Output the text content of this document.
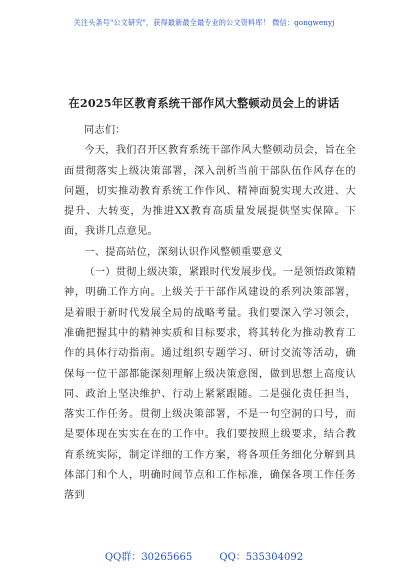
关注头条号"公文研究"，获得最新最全最专业的公文资料库！ 微信：gongwenyj
在2025年区教育系统干部作风大整顿动员会上的讲话

同志们：

今天，我们召开区教育系统干部作风大整顿动员会，旨在全面贯彻落实上级决策部署，深入剖析当前干部队伍作风存在的问题，切实推动教育系统工作作风、精神面貌实现大改进、大提升、大转变，为推进XX教育高质量发展提供坚实保障。下面，我讲几点意见。

一、提高站位，深刻认识作风整顿重要意义

（一）贯彻上级决策，紧跟时代发展步伐。一是领悟政策精神，明确工作方向。上级关于干部作风建设的系列决策部署，是着眼于新时代发展全局的战略考量。我们要深入学习领会，准确把握其中的精神实质和目标要求，将其转化为推动教育工作的具体行动指南。通过组织专题学习、研讨交流等活动，确保每一位干部都能深刻理解上级决策意图，做到思想上高度认同、政治上坚决维护、行动上紧紧跟随。二是强化责任担当，落实工作任务。贯彻上级决策部署，不是一句空洞的口号，而是要体现在实实在在的工作中。我们要按照上级要求，结合教育系统实际，制定详细的工作方案，将各项任务细化分解到具体部门和个人，明确时间节点和工作标准，确保各项工作任务落到

QQ群：30265665	QQ：535304092
